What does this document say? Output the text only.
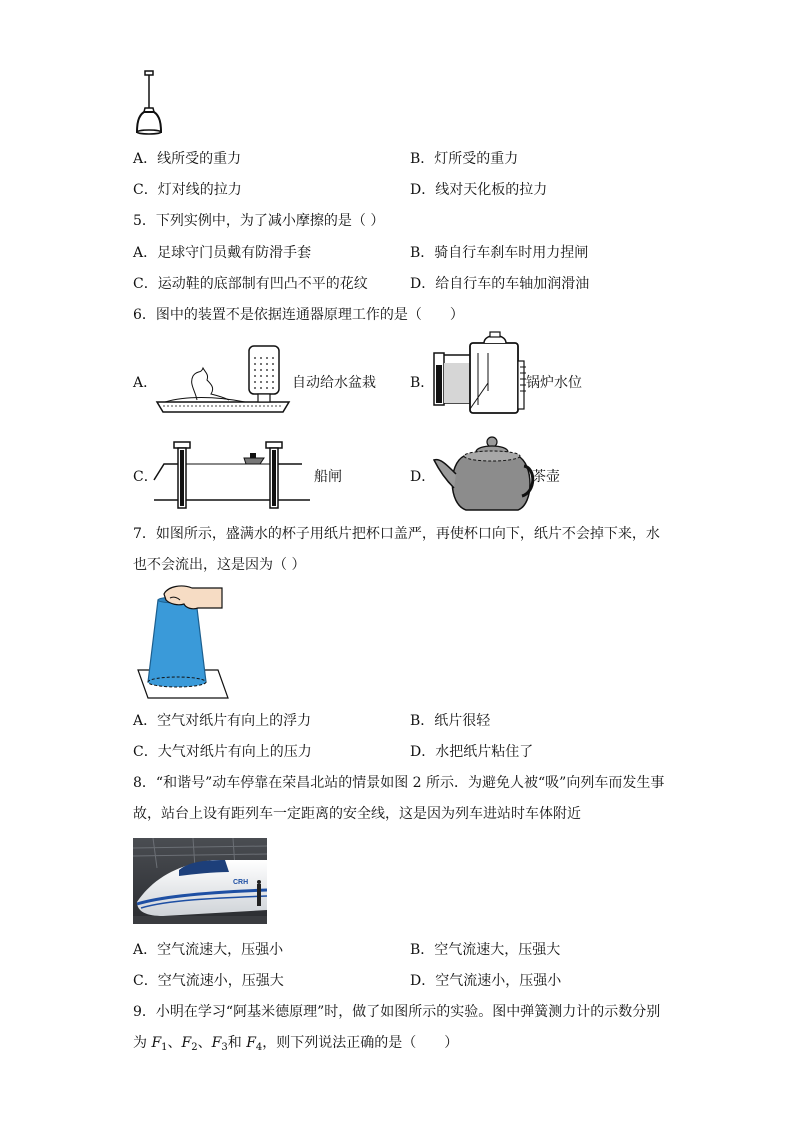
A．线所受的重力	B．灯所受的重力
C．灯对线的拉力	D．线对天化板的拉力
5．下列实例中，为了减小摩擦的是（ ）
A．足球守门员戴有防滑手套	B．骑自行车刹车时用力捏闸
C．运动鞋的底部制有凹凸不平的花纹	D．给自行车的车轴加润滑油
6．图中的装置不是依据连通器原理工作的是（　　）
A．	自动给水盆栽 B．	锅炉水位
C．	船闸	D．	茶壶
7．如图所示，盛满水的杯子用纸片把杯口盖严，再使杯口向下，纸片不会掉下来，水
也不会流出，这是因为（ ）
A．空气对纸片有向上的浮力	B．纸片很轻
C．大气对纸片有向上的压力	D．水把纸片粘住了
8．“和谐号”动车停靠在荣昌北站的情景如图 2 所示．为避免人被“吸”向列车而发生事
故，站台上设有距列车一定距离的安全线，这是因为列车进站时车体附近
CRH
A．空气流速大，压强小	B．空气流速大，压强大
C．空气流速小，压强大	D．空气流速小，压强小
9．小明在学习“阿基米德原理”时，做了如图所示的实验。图中弹簧测力计的示数分别
为 $F_1$、$F_2$、$F_3$和 $F_4$，则下列说法正确的是（　　）
